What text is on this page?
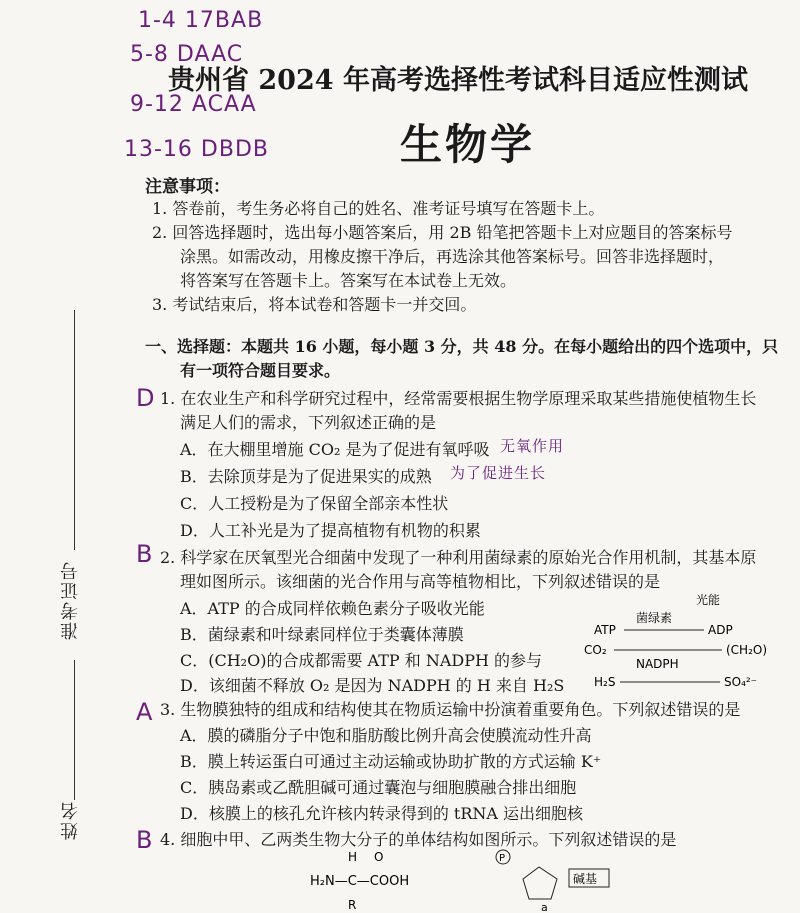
1-4 17BAB
5-8 DAAC
9-12 ACAA
13-16 DBDB
贵州省 2024 年高考选择性考试科目适应性测试
生物学
注意事项：
1. 答卷前，考生务必将自己的姓名、准考证号填写在答题卡上。
2. 回答选择题时，选出每小题答案后，用 2B 铅笔把答题卡上对应题目的答案标号
涂黑。如需改动，用橡皮擦干净后，再选涂其他答案标号。回答非选择题时，
将答案写在答题卡上。答案写在本试卷上无效。
3. 考试结束后，将本试卷和答题卡一并交回。
一、选择题：本题共 16 小题，每小题 3 分，共 48 分。在每小题给出的四个选项中，只
有一项符合题目要求。
准考证号
姓名
D 1. 在农业生产和科学研究过程中，经常需要根据生物学原理采取某些措施使植物生长
满足人们的需求，下列叙述正确的是
A．在大棚里增施 CO₂ 是为了促进有氧呼吸 无氧作用
B．去除顶芽是为了促进果实的成熟 为了促进生长
C．人工授粉是为了保留全部亲本性状
D．人工补光是为了提高植物有机物的积累
B 2. 科学家在厌氧型光合细菌中发现了一种利用菌绿素的原始光合作用机制，其基本原
理如图所示。该细菌的光合作用与高等植物相比，下列叙述错误的是
A．ATP 的合成同样依赖色素分子吸收光能
B．菌绿素和叶绿素同样位于类囊体薄膜
C．(CH₂O)的合成都需要 ATP 和 NADPH 的参与
D．该细菌不释放 O₂ 是因为 NADPH 的 H 来自 H₂S
光能
菌绿素
ATP	ADP
CO₂	(CH₂O)
NADPH
H₂S	SO₄²⁻
A 3. 生物膜独特的组成和结构使其在物质运输中扮演着重要角色。下列叙述错误的是
A．膜的磷脂分子中饱和脂肪酸比例升高会使膜流动性升高
B．膜上转运蛋白可通过主动运输或协助扩散的方式运输 K⁺
C．胰岛素或乙酰胆碱可通过囊泡与细胞膜融合排出细胞
D．核膜上的核孔允许核内转录得到的 tRNA 运出细胞核
B 4. 细胞中甲、乙两类生物大分子的单体结构如图所示。下列叙述错误的是
H O
H₂N—C—COOH
R
P
碱基
a
